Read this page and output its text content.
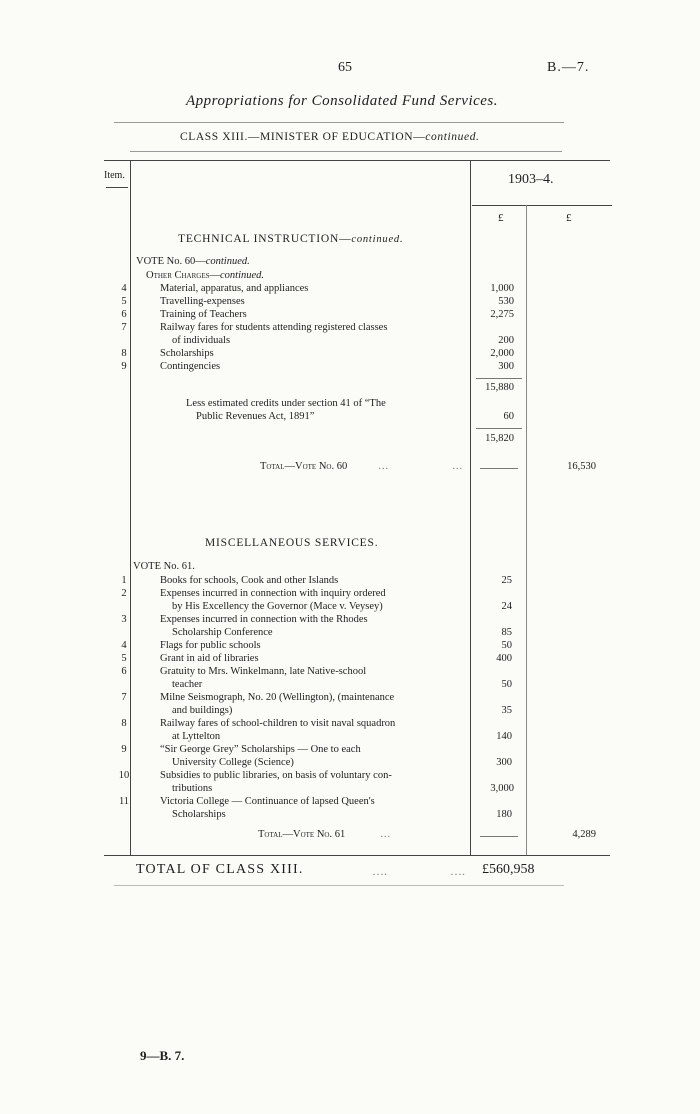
65	B.—7.
Appropriations for Consolidated Fund Services.
CLASS XIII.—MINISTER OF EDUCATION—continued.
Item.	1903–4.
£	£
TECHNICAL INSTRUCTION—continued.
VOTE No. 60—continued.
Other Charges—continued.
4	Material, apparatus, and appliances	1,000
5	Travelling-expenses	530
6	Training of Teachers	2,275
7	Railway fares for students attending registered classes
of individuals	200
8	Scholarships	2,000
9	Contingencies	300
15,880
Less estimated credits under section 41 of “The
Public Revenues Act, 1891”	60
15,820
Total—Vote No. 60	…	…	16,530
MISCELLANEOUS SERVICES.
VOTE No. 61.
1	Books for schools, Cook and other Islands	25
2	Expenses incurred in connection with inquiry ordered
by His Excellency the Governor (Mace v. Veysey)	24
3	Expenses incurred in connection with the Rhodes
Scholarship Conference	85
4	Flags for public schools	50
5	Grant in aid of libraries	400
6	Gratuity to Mrs. Winkelmann, late Native-school
teacher	50
7	Milne Seismograph, No. 20 (Wellington), (maintenance
and buildings)	35
8	Railway fares of school-children to visit naval squadron
at Lyttelton	140
9	“Sir George Grey” Scholarships — One to each
University College (Science)	300
10	Subsidies to public libraries, on basis of voluntary con-
tributions	3,000
11	Victoria College — Continuance of lapsed Queen's
Scholarships	180
Total—Vote No. 61	…	4,289
TOTAL OF CLASS XIII.	….	…. £560,958
9—B. 7.
